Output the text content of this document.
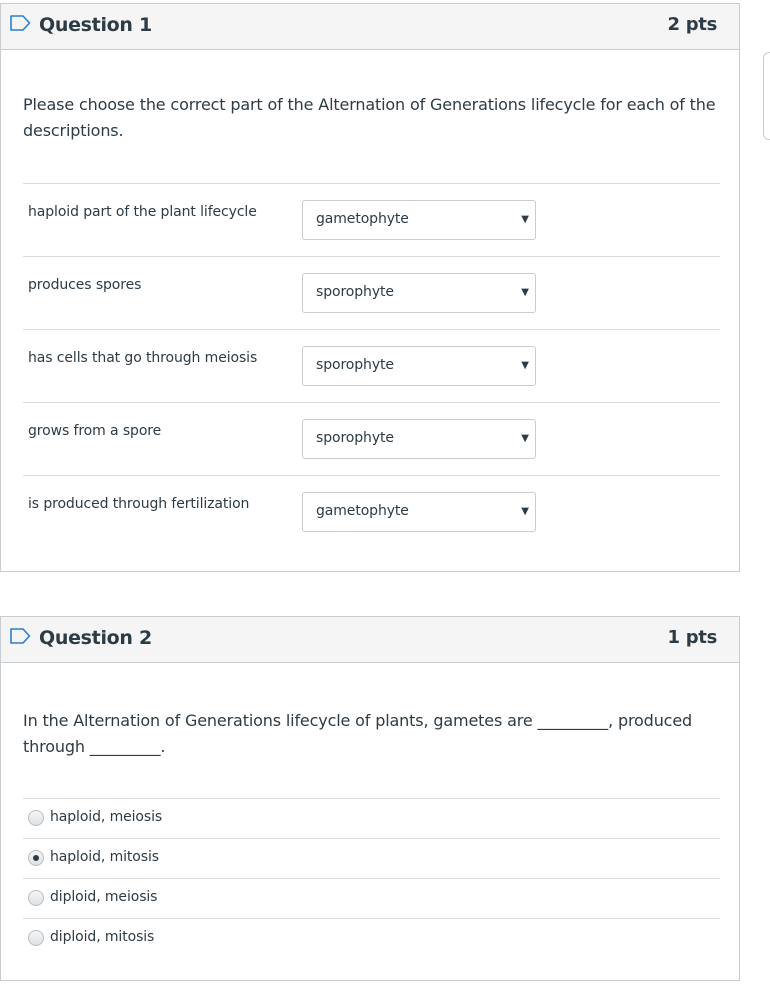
Question 1	2 pts
Please choose the correct part of the Alternation of Generations lifecycle for each of the descriptions.
haploid part of the plant lifecycle	gametophyte	▼
produces spores	sporophyte	▼
has cells that go through meiosis	sporophyte	▼
grows from a spore	sporophyte	▼
is produced through fertilization	gametophyte	▼
Question 2	1 pts
In the Alternation of Generations lifecycle of plants, gametes are _________, produced through _________.
haploid, meiosis
haploid, mitosis
diploid, meiosis
diploid, mitosis
